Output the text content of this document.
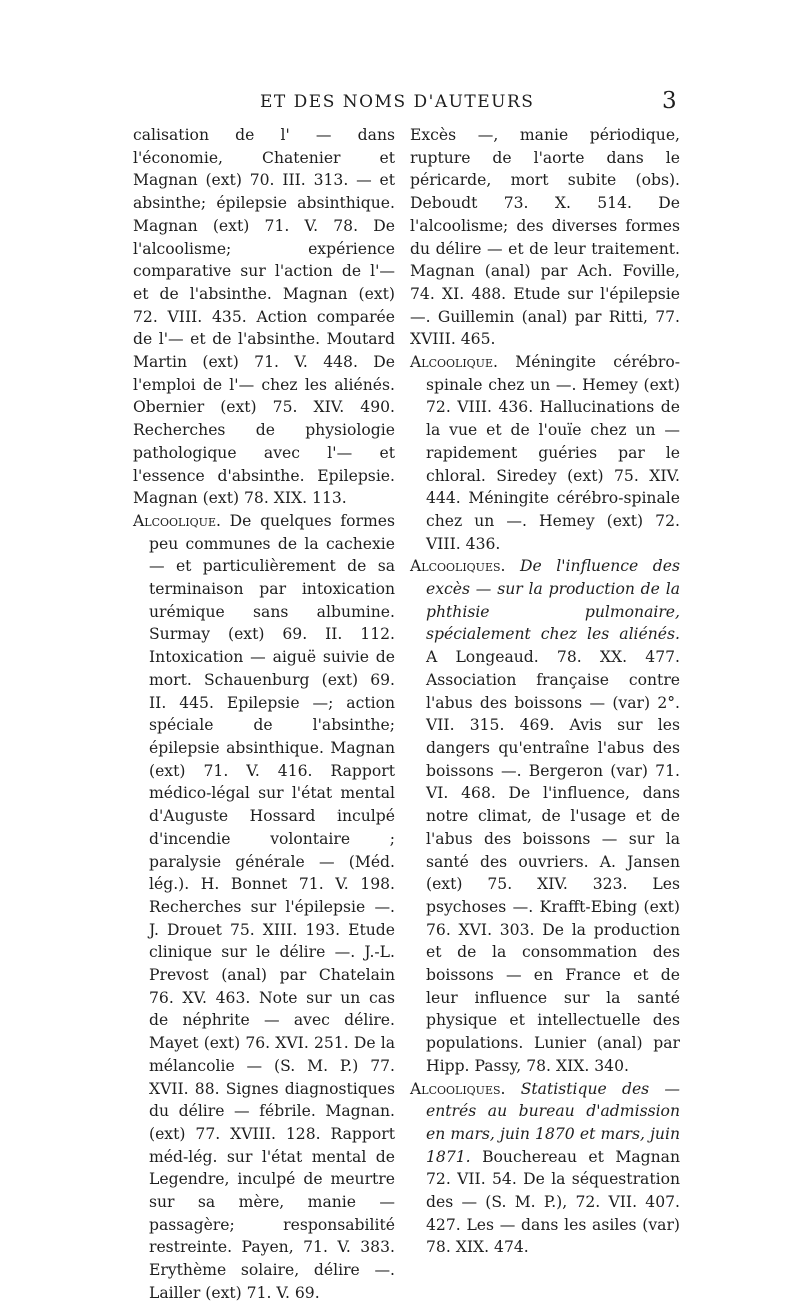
ET DES NOMS D'AUTEURS	3
calisation de l' — dans l'économie, Chatenier et Magnan (ext) 70. III. 313. — et absinthe; épilepsie absinthique. Magnan (ext) 71. V. 78. De l'alcoolisme; expérience comparative sur l'action de l'— et de l'absinthe. Magnan (ext) 72. VIII. 435. Action comparée de l'— et de l'absinthe. Moutard Martin (ext) 71. V. 448. De l'emploi de l'— chez les aliénés. Obernier (ext) 75. XIV. 490. Recherches de physiologie pathologique avec l'— et l'essence d'absinthe. Epilepsie. Magnan (ext) 78. XIX. 113.
Alcoolique. De quelques formes peu communes de la cachexie — et particulièrement de sa terminaison par intoxication urémique sans albumine. Surmay (ext) 69. II. 112. Intoxication — aiguë suivie de mort. Schauenburg (ext) 69. II. 445. Epilepsie —; action spéciale de l'absinthe; épilepsie absinthique. Magnan (ext) 71. V. 416. Rapport médico-légal sur l'état mental d'Auguste Hossard inculpé d'incendie volontaire ; paralysie générale — (Méd. lég.). H. Bonnet 71. V. 198. Recherches sur l'épilepsie —. J. Drouet 75. XIII. 193. Etude clinique sur le délire —. J.-L. Prevost (anal) par Chatelain 76. XV. 463. Note sur un cas de néphrite — avec délire. Mayet (ext) 76. XVI. 251. De la mélancolie — (S. M. P.) 77. XVII. 88. Signes diagnostiques du délire — fébrile. Magnan. (ext) 77. XVIII. 128. Rapport méd-lég. sur l'état mental de Legendre, inculpé de meurtre sur sa mère, manie — passagère; responsabilité restreinte. Payen, 71. V. 383. Erythème solaire, délire —. Lailler (ext) 71. V. 69.
Excès —, manie périodique, rupture de l'aorte dans le péricarde, mort subite (obs). Deboudt 73. X. 514. De l'alcoolisme; des diverses formes du délire — et de leur traitement. Magnan (anal) par Ach. Foville, 74. XI. 488. Etude sur l'épilepsie —. Guillemin (anal) par Ritti, 77. XVIII. 465.
Alcoolique. Méningite cérébro-spinale chez un —. Hemey (ext) 72. VIII. 436. Hallucinations de la vue et de l'ouïe chez un — rapidement guéries par le chloral. Siredey (ext) 75. XIV. 444. Méningite cérébro-spinale chez un —. Hemey (ext) 72. VIII. 436.
Alcooliques. De l'influence des excès — sur la production de la phthisie pulmonaire, spécialement chez les aliénés. A Longeaud. 78. XX. 477. Association française contre l'abus des boissons — (var) 2°. VII. 315. 469. Avis sur les dangers qu'entraîne l'abus des boissons —. Bergeron (var) 71. VI. 468. De l'influence, dans notre climat, de l'usage et de l'abus des boissons — sur la santé des ouvriers. A. Jansen (ext) 75. XIV. 323. Les psychoses —. Krafft-Ebing (ext) 76. XVI. 303. De la production et de la consommation des boissons — en France et de leur influence sur la santé physique et intellectuelle des populations. Lunier (anal) par Hipp. Passy, 78. XIX. 340.
Alcooliques. Statistique des — entrés au bureau d'admission en mars, juin 1870 et mars, juin 1871. Bouchereau et Magnan 72. VII. 54. De la séquestration des — (S. M. P.), 72. VII. 407. 427. Les — dans les asiles (var) 78. XIX. 474.
